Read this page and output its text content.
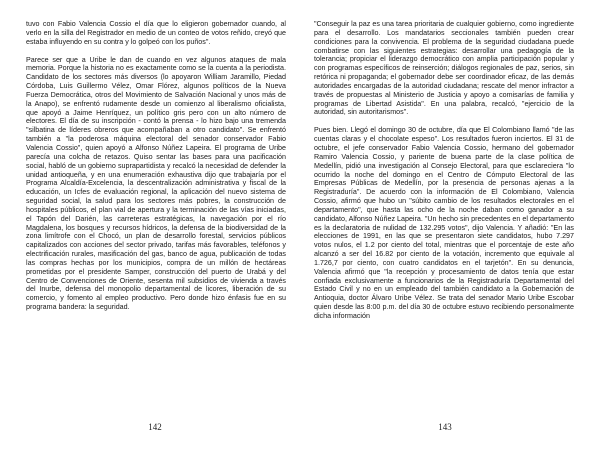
tuvo con Fabio Valencia Cossio el día que lo eligieron gobernador cuando, al verlo en la silla del Registrador en medio de un conteo de votos reñido, creyó que estaba influyendo en su contra y lo golpeó con los puños".

Parece ser que a Uribe le dan de cuando en vez algunos ataques de mala memoria. Porque la historia no es exactamente como se la cuenta a la periodista. Candidato de los sectores más diversos (lo apoyaron William Jaramillo, Piedad Córdoba, Luis Guillermo Vélez, Omar Flórez, algunos políticos de la Nueva Fuerza Democrática, otros del Movimiento de Salvación Nacional y unos más de la Anapo), se enfrentó rudamente desde un comienzo al liberalismo oficialista, que apoyó a Jaime Henríquez, un político gris pero con un alto número de electores. El día de su inscripción - contó la prensa - lo hizo bajo una tremenda "silbatina de líderes obreros que acompañaban a otro candidato". Se enfrentó también a "la poderosa máquina electoral del senador conservador Fabio Valencia Cossio", quien apoyó a Alfonso Núñez Lapeira. El programa de Uribe parecía una colcha de retazos. Quiso sentar las bases para una pacificación social, habló de un gobierno suprapartidista y recalcó la necesidad de defender la unidad antioqueña, y en una enumeración exhaustiva dijo que trabajaría por el Programa Alcaldía-Excelencia, la descentralización administrativa y fiscal de la educación, un Icfes de evaluación regional, la aplicación del nuevo sistema de seguridad social, la salud para los sectores más pobres, la construcción de hospitales públicos, el plan vial de apertura y la terminación de las vías iniciadas, el Tapón del Darién, las carreteras estratégicas, la navegación por el río Magdalena, los bosques y recursos hídricos, la defensa de la biodiversidad de la zona limítrofe con el Chocó, un plan de desarrollo forestal, servicios públicos capitalizados con acciones del sector privado, tarifas más favorables, teléfonos y electrificación rurales, masificación del gas, banco de agua, publicación de todas las compras hechas por los municipios, compra de un millón de hectáreas prometidas por el presidente Samper, construcción del puerto de Urabá y del Centro de Convenciones de Oriente, sesenta mil subsidios de vivienda a través del Inurbe, defensa del monopolio departamental de licores, liberación de su comercio, y fomento al empleo productivo. Pero donde hizo énfasis fue en su programa bandera: la seguridad.

142

"Conseguir la paz es una tarea prioritaria de cualquier gobierno, como ingrediente para el desarrollo. Los mandatarios seccionales también pueden crear condiciones para la convivencia. El problema de la seguridad ciudadana puede combatirse con las siguientes estrategias: desarrollar una pedagogía de la tolerancia; propiciar el liderazgo democrático con amplia participación popular y con programas específicos de reinserción; diálogos regionales de paz, serios, sin retórica ni propaganda; el gobernador debe ser coordinador eficaz, de las demás autoridades encargadas de la autoridad ciudadana; rescate del menor infractor a través de propuestas al Ministerio de Justicia y apoyo a comisarías de familia y programas de Libertad Asistida". En una palabra, recalcó, "ejercicio de la autoridad, sin autoritarismos".

Pues bien. Llegó el domingo 30 de octubre, día que El Colombiano llamó "de las cuentas claras y el chocolate espeso". Los resultados fueron inciertos. El 31 de octubre, el jefe conservador Fabio Valencia Cossio, hermano del gobernador Ramiro Valencia Cossio, y pariente de buena parte de la clase política de Medellín, pidió una investigación al Consejo Electoral, para que esclareciera "lo ocurrido la noche del domingo en el Centro de Cómputo Electoral de las Empresas Públicas de Medellín, por la presencia de personas ajenas a la Registraduría". De acuerdo con la información de El Colombiano, Valencia Cossio, afirmó que hubo un "súbito cambio de los resultados electorales en el departamento", que hasta las ocho de la noche daban como ganador a su candidato, Alfonso Núñez Lapeira. "Un hecho sin precedentes en el departamento es la declaratoria de nulidad de 132.295 votos", dijo Valencia. Y añadió: "En las elecciones de 1991, en las que se presentaron siete candidatos, hubo 7.297 votos nulos, el 1.2 por ciento del total, mientras que el porcentaje de este año alcanzó a ser del 16.82 por ciento de la votación, incremento que equivale al 1.726,7 por ciento, con cuatro candidatos en el tarjetón". En su denuncia, Valencia afirmó que "la recepción y procesamiento de datos tenía que estar confiada exclusivamente a funcionarios de la Registraduría Departamental del Estado Civil y no en un empleado del también candidato a la Gobernación de Antioquia, doctor Álvaro Uribe Vélez. Se trata del senador Mario Uribe Escobar quien desde las 8:00 p.m. del día 30 de octubre estuvo recibiendo personalmente dicha información

143
